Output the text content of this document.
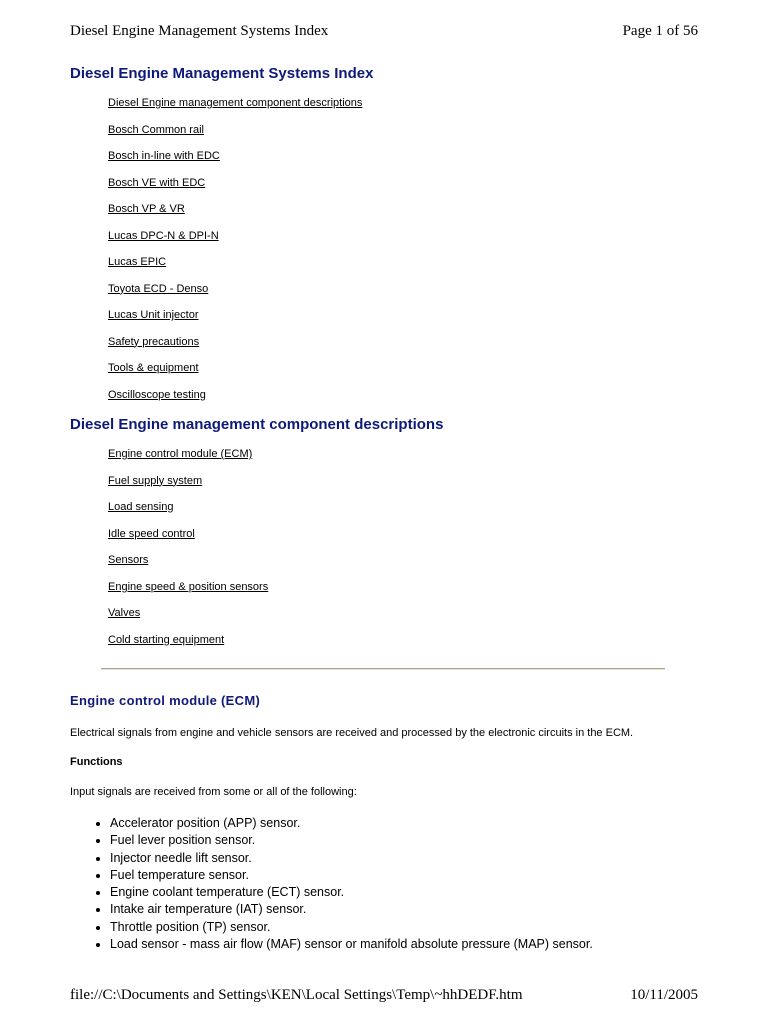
Diesel Engine Management Systems Index	Page 1 of 56
Diesel Engine Management Systems Index
Diesel Engine management component descriptions
Bosch Common rail
Bosch in-line with EDC
Bosch VE with EDC
Bosch VP & VR
Lucas DPC-N & DPI-N
Lucas EPIC
Toyota ECD - Denso
Lucas Unit injector
Safety precautions
Tools & equipment
Oscilloscope testing
Diesel Engine management component descriptions
Engine control module (ECM)
Fuel supply system
Load sensing
Idle speed control
Sensors
Engine speed & position sensors
Valves
Cold starting equipment
Engine control module (ECM)

Electrical signals from engine and vehicle sensors are received and processed by the electronic circuits in the ECM.

Functions

Input signals are received from some or all of the following:

• Accelerator position (APP) sensor.
• Fuel lever position sensor.
• Injector needle lift sensor.
• Fuel temperature sensor.
• Engine coolant temperature (ECT) sensor.
• Intake air temperature (IAT) sensor.
• Throttle position (TP) sensor.
• Load sensor - mass air flow (MAF) sensor or manifold absolute pressure (MAP) sensor.
file://C:\Documents and Settings\KEN\Local Settings\Temp\~hhDEDF.htm	10/11/2005
